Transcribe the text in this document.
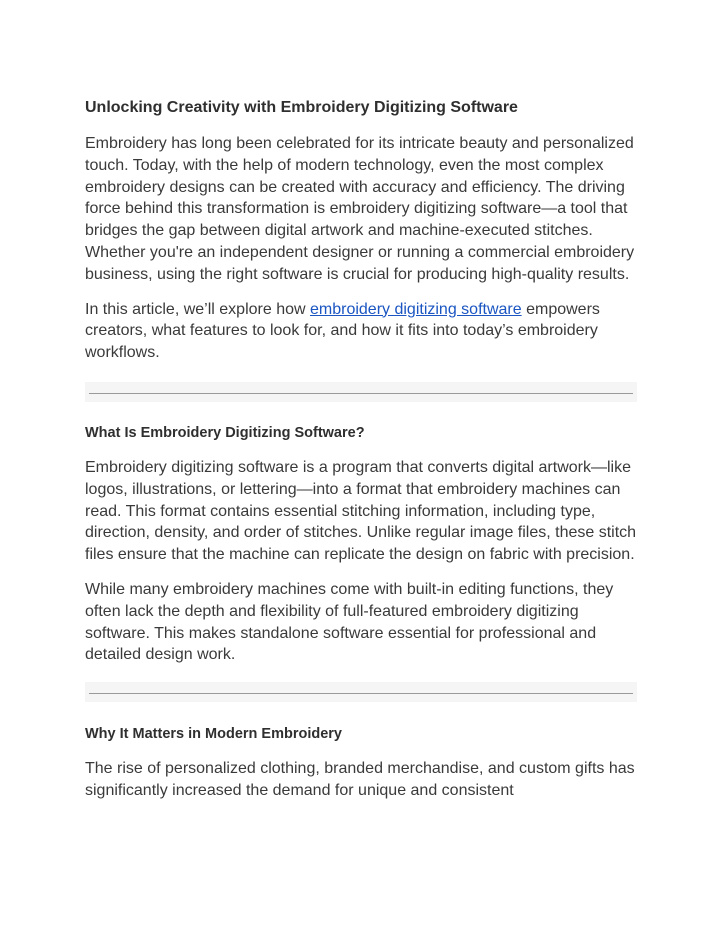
Unlocking Creativity with Embroidery Digitizing Software

Embroidery has long been celebrated for its intricate beauty and personalized touch. Today, with the help of modern technology, even the most complex embroidery designs can be created with accuracy and efficiency. The driving force behind this transformation is embroidery digitizing software—a tool that bridges the gap between digital artwork and machine-executed stitches. Whether you're an independent designer or running a commercial embroidery business, using the right software is crucial for producing high-quality results.

In this article, we’ll explore how embroidery digitizing software empowers creators, what features to look for, and how it fits into today’s embroidery workflows.

What Is Embroidery Digitizing Software?

Embroidery digitizing software is a program that converts digital artwork—like logos, illustrations, or lettering—into a format that embroidery machines can read. This format contains essential stitching information, including type, direction, density, and order of stitches. Unlike regular image files, these stitch files ensure that the machine can replicate the design on fabric with precision.

While many embroidery machines come with built-in editing functions, they often lack the depth and flexibility of full-featured embroidery digitizing software. This makes standalone software essential for professional and detailed design work.

Why It Matters in Modern Embroidery

The rise of personalized clothing, branded merchandise, and custom gifts has significantly increased the demand for unique and consistent
